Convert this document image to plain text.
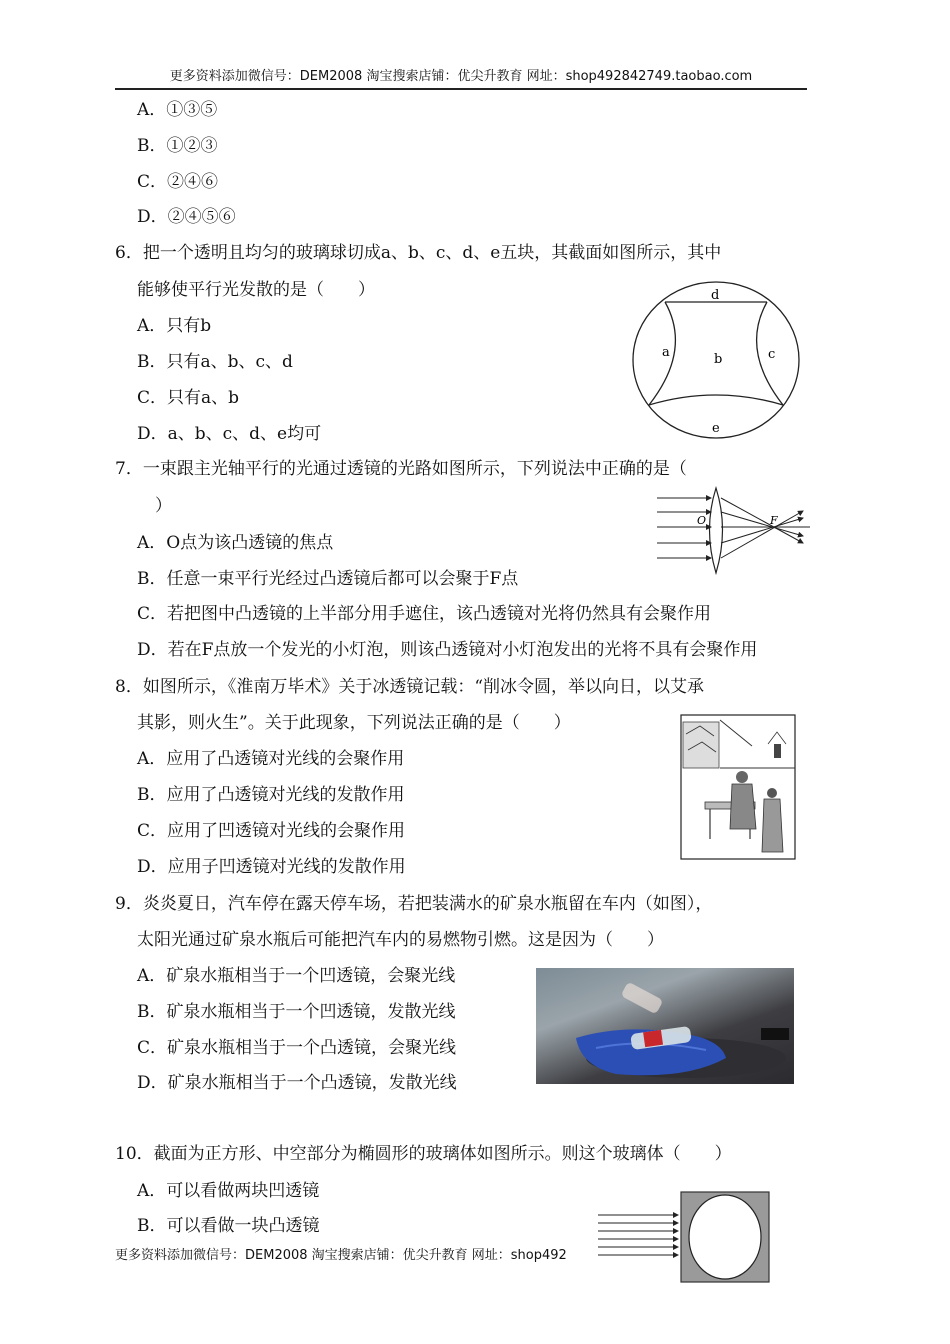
更多资料添加微信号：DEM2008 淘宝搜索店铺：优尖升教育 网址：shop492842749.taobao.com
A．①③⑤
B．①②③
C．②④⑥
D．②④⑤⑥
6．把一个透明且均匀的玻璃球切成a、b、c、d、e五块，其截面如图所示，其中
能够使平行光发散的是（　　）
A．只有b
B．只有a、b、c、d
C．只有a、b
D．a、b、c、d、e均可
d
a	b	c
e
7．一束跟主光轴平行的光通过透镜的光路如图所示，下列说法中正确的是（
）
A．O点为该凸透镜的焦点
B．任意一束平行光经过凸透镜后都可以会聚于F点
C．若把图中凸透镜的上半部分用手遮住，该凸透镜对光将仍然具有会聚作用
D．若在F点放一个发光的小灯泡，则该凸透镜对小灯泡发出的光将不具有会聚作用
O	F
8．如图所示，《淮南万毕术》关于冰透镜记载：“削冰令圆，举以向日，以艾承
其影，则火生”。关于此现象，下列说法正确的是（　　）
A．应用了凸透镜对光线的会聚作用
B．应用了凸透镜对光线的发散作用
C．应用了凹透镜对光线的会聚作用
D．应用子凹透镜对光线的发散作用
9．炎炎夏日，汽车停在露天停车场，若把装满水的矿泉水瓶留在车内（如图），
太阳光通过矿泉水瓶后可能把汽车内的易燃物引燃。这是因为（　　）
A．矿泉水瓶相当于一个凹透镜，会聚光线
B．矿泉水瓶相当于一个凹透镜，发散光线
C．矿泉水瓶相当于一个凸透镜，会聚光线
D．矿泉水瓶相当于一个凸透镜，发散光线
10．截面为正方形、中空部分为椭圆形的玻璃体如图所示。则这个玻璃体（　　）
A．可以看做两块凹透镜
B．可以看做一块凸透镜
更多资料添加微信号：DEM2008 淘宝搜索店铺：优尖升教育 网址：shop492
